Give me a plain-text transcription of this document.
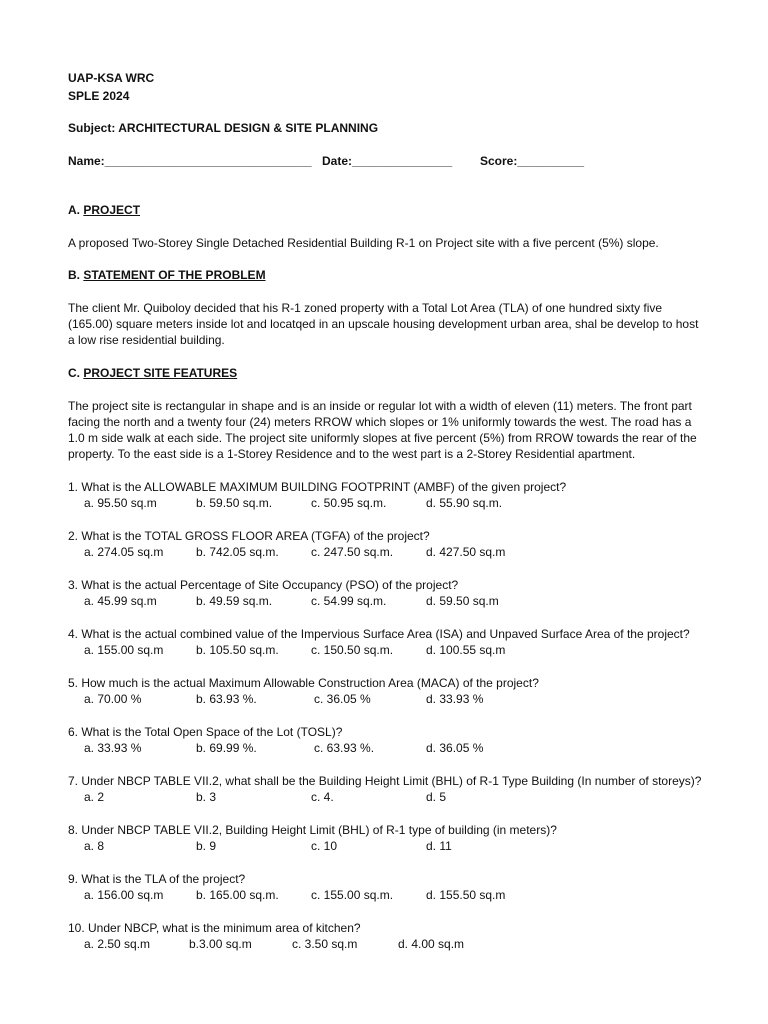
UAP-KSA WRC
SPLE 2024
Subject: ARCHITECTURAL DESIGN & SITE PLANNING
Name:_______________________________ Date:_______________ Score:__________
A. PROJECT
A proposed Two-Storey Single Detached Residential Building R-1 on Project site with a five percent (5%) slope.
B. STATEMENT OF THE PROBLEM
The client Mr. Quiboloy decided that his R-1 zoned property with a Total Lot Area (TLA) of one hundred sixty five (165.00) square meters inside lot and locatqed in an upscale housing development urban area, shal be develop to host a low rise residential building.
C. PROJECT SITE FEATURES
The project site is rectangular in shape and is an inside or regular lot with a width of eleven (11) meters. The front part facing the north and a twenty four (24) meters RROW which slopes or 1% uniformly towards the west. The road has a 1.0 m side walk at each side. The project site uniformly slopes at five percent (5%) from RROW towards the rear of the property. To the east side is a 1-Storey Residence and to the west part is a 2-Storey Residential apartment.
1. What is the ALLOWABLE MAXIMUM BUILDING FOOTPRINT (AMBF) of the given project?
a. 95.50 sq.m	b. 59.50 sq.m.	c. 50.95 sq.m.	d. 55.90 sq.m.
2. What is the TOTAL GROSS FLOOR AREA (TGFA) of the project?
a. 274.05 sq.m	b. 742.05 sq.m.	c. 247.50 sq.m.	d. 427.50 sq.m
3. What is the actual Percentage of Site Occupancy (PSO) of the project?
a. 45.99 sq.m	b. 49.59 sq.m.	c. 54.99 sq.m.	d. 59.50 sq.m
4. What is the actual combined value of the Impervious Surface Area (ISA) and Unpaved Surface Area of the project?
a. 155.00 sq.m	b. 105.50 sq.m.	c. 150.50 sq.m.	d. 100.55 sq.m
5. How much is the actual Maximum Allowable Construction Area (MACA) of the project?
a. 70.00 %	b. 63.93 %.	c. 36.05 %	d. 33.93 %
6. What is the Total Open Space of the Lot (TOSL)?
a. 33.93 %	b. 69.99 %.	c. 63.93 %.	d. 36.05 %
7. Under NBCP TABLE VII.2, what shall be the Building Height Limit (BHL) of R-1 Type Building (In number of storeys)?
a. 2	b. 3	c. 4.	d. 5
8. Under NBCP TABLE VII.2, Building Height Limit (BHL) of R-1 type of building (in meters)?
a. 8	b. 9	c. 10	d. 11
9. What is the TLA of the project?
a. 156.00 sq.m	b. 165.00 sq.m.	c. 155.00 sq.m.	d. 155.50 sq.m
10. Under NBCP, what is the minimum area of kitchen?
a. 2.50 sq.m	b.3.00 sq.m	c. 3.50 sq.m	d. 4.00 sq.m
